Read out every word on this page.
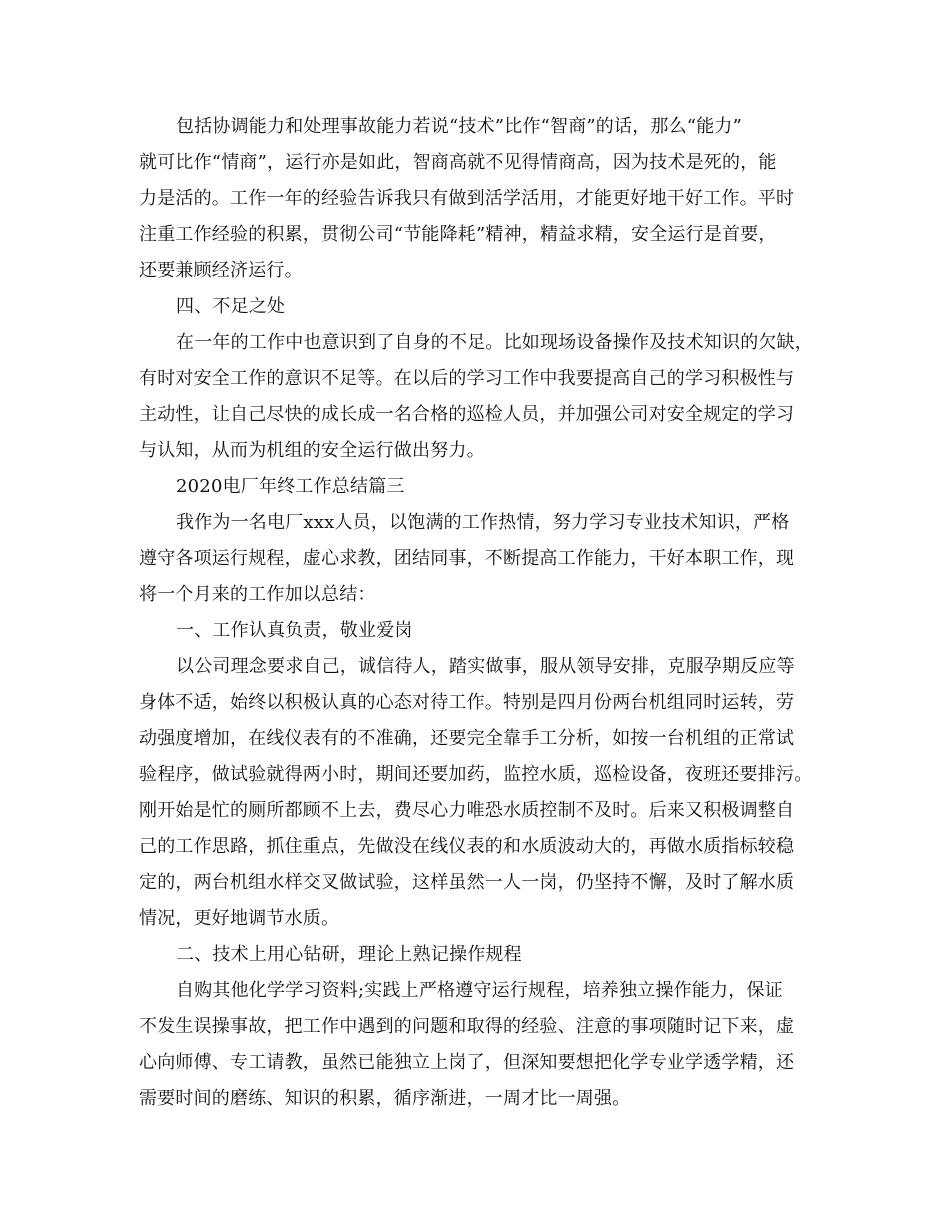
包括协调能力和处理事故能力若说“技术”比作“智商”的话，那么“能力”
就可比作“情商”，运行亦是如此，智商高就不见得情商高，因为技术是死的，能
力是活的。工作一年的经验告诉我只有做到活学活用，才能更好地干好工作。平时
注重工作经验的积累，贯彻公司“节能降耗”精神，精益求精，安全运行是首要，
还要兼顾经济运行。
四、不足之处
在一年的工作中也意识到了自身的不足。比如现场设备操作及技术知识的欠缺，
有时对安全工作的意识不足等。在以后的学习工作中我要提高自己的学习积极性与
主动性，让自己尽快的成长成一名合格的巡检人员，并加强公司对安全规定的学习
与认知，从而为机组的安全运行做出努力。
2020电厂年终工作总结篇三
我作为一名电厂xxx人员，以饱满的工作热情，努力学习专业技术知识，严格
遵守各项运行规程，虚心求教，团结同事，不断提高工作能力，干好本职工作，现
将一个月来的工作加以总结：
一、工作认真负责，敬业爱岗
以公司理念要求自己，诚信待人，踏实做事，服从领导安排，克服孕期反应等
身体不适，始终以积极认真的心态对待工作。特别是四月份两台机组同时运转，劳
动强度增加，在线仪表有的不准确，还要完全靠手工分析，如按一台机组的正常试
验程序，做试验就得两小时，期间还要加药，监控水质，巡检设备，夜班还要排污。
刚开始是忙的厕所都顾不上去，费尽心力唯恐水质控制不及时。后来又积极调整自
己的工作思路，抓住重点，先做没在线仪表的和水质波动大的，再做水质指标较稳
定的，两台机组水样交叉做试验，这样虽然一人一岗，仍坚持不懈，及时了解水质
情况，更好地调节水质。
二、技术上用心钻研，理论上熟记操作规程
自购其他化学学习资料;实践上严格遵守运行规程，培养独立操作能力，保证
不发生误操事故，把工作中遇到的问题和取得的经验、注意的事项随时记下来，虚
心向师傅、专工请教，虽然已能独立上岗了，但深知要想把化学专业学透学精，还
需要时间的磨练、知识的积累，循序渐进，一周才比一周强。
